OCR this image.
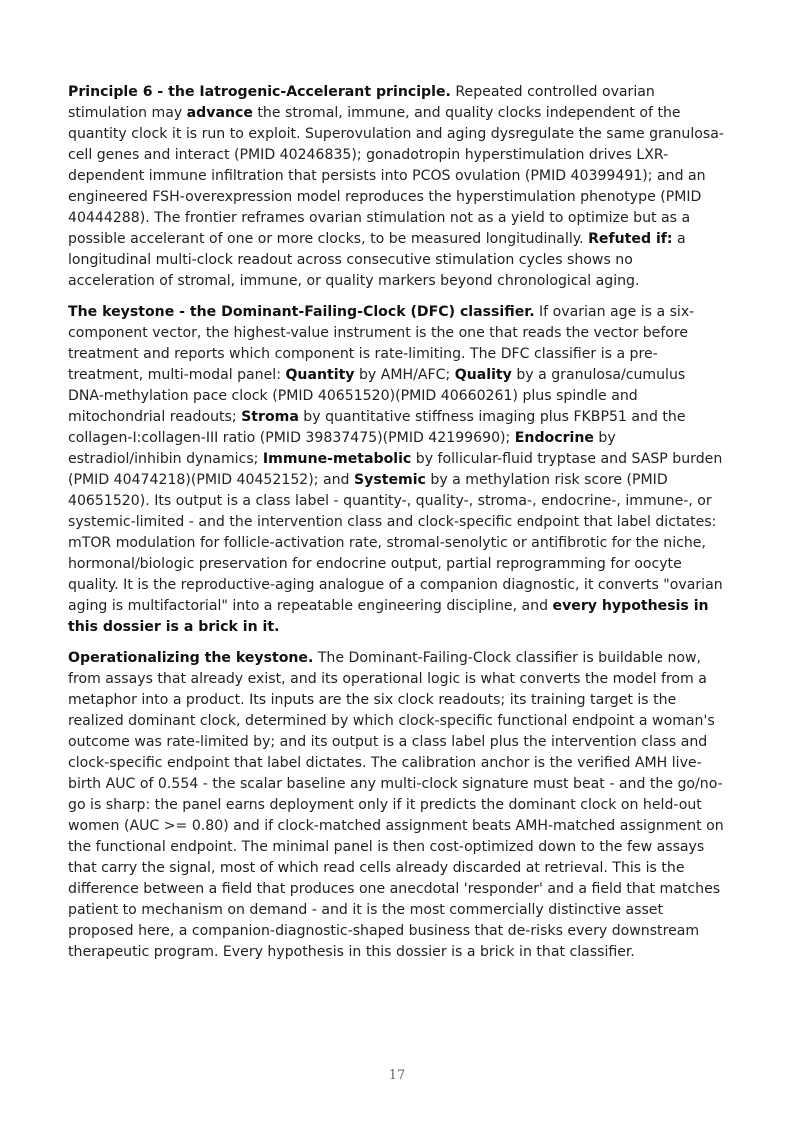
Principle 6 - the Iatrogenic-Accelerant principle. Repeated controlled ovarian stimulation may advance the stromal, immune, and quality clocks independent of the quantity clock it is run to exploit. Superovulation and aging dysregulate the same granulosa-cell genes and interact (PMID 40246835); gonadotropin hyperstimulation drives LXR-dependent immune infiltration that persists into PCOS ovulation (PMID 40399491); and an engineered FSH-overexpression model reproduces the hyperstimulation phenotype (PMID 40444288). The frontier reframes ovarian stimulation not as a yield to optimize but as a possible accelerant of one or more clocks, to be measured longitudinally. Refuted if: a longitudinal multi-clock readout across consecutive stimulation cycles shows no acceleration of stromal, immune, or quality markers beyond chronological aging.

The keystone - the Dominant-Failing-Clock (DFC) classifier. If ovarian age is a six-component vector, the highest-value instrument is the one that reads the vector before treatment and reports which component is rate-limiting. The DFC classifier is a pre-treatment, multi-modal panel: Quantity by AMH/AFC; Quality by a granulosa/cumulus DNA-methylation pace clock (PMID 40651520)(PMID 40660261) plus spindle and mitochondrial readouts; Stroma by quantitative stiffness imaging plus FKBP51 and the collagen-I:collagen-III ratio (PMID 39837475)(PMID 42199690); Endocrine by estradiol/inhibin dynamics; Immune-metabolic by follicular-fluid tryptase and SASP burden (PMID 40474218)(PMID 40452152); and Systemic by a methylation risk score (PMID 40651520). Its output is a class label - quantity-, quality-, stroma-, endocrine-, immune-, or systemic-limited - and the intervention class and clock-specific endpoint that label dictates: mTOR modulation for follicle-activation rate, stromal-senolytic or antifibrotic for the niche, hormonal/biologic preservation for endocrine output, partial reprogramming for oocyte quality. It is the reproductive-aging analogue of a companion diagnostic, it converts "ovarian aging is multifactorial" into a repeatable engineering discipline, and every hypothesis in this dossier is a brick in it.

Operationalizing the keystone. The Dominant-Failing-Clock classifier is buildable now, from assays that already exist, and its operational logic is what converts the model from a metaphor into a product. Its inputs are the six clock readouts; its training target is the realized dominant clock, determined by which clock-specific functional endpoint a woman's outcome was rate-limited by; and its output is a class label plus the intervention class and clock-specific endpoint that label dictates. The calibration anchor is the verified AMH live-birth AUC of 0.554 - the scalar baseline any multi-clock signature must beat - and the go/no-go is sharp: the panel earns deployment only if it predicts the dominant clock on held-out women (AUC >= 0.80) and if clock-matched assignment beats AMH-matched assignment on the functional endpoint. The minimal panel is then cost-optimized down to the few assays that carry the signal, most of which read cells already discarded at retrieval. This is the difference between a field that produces one anecdotal 'responder' and a field that matches patient to mechanism on demand - and it is the most commercially distinctive asset proposed here, a companion-diagnostic-shaped business that de-risks every downstream therapeutic program. Every hypothesis in this dossier is a brick in that classifier.

17
